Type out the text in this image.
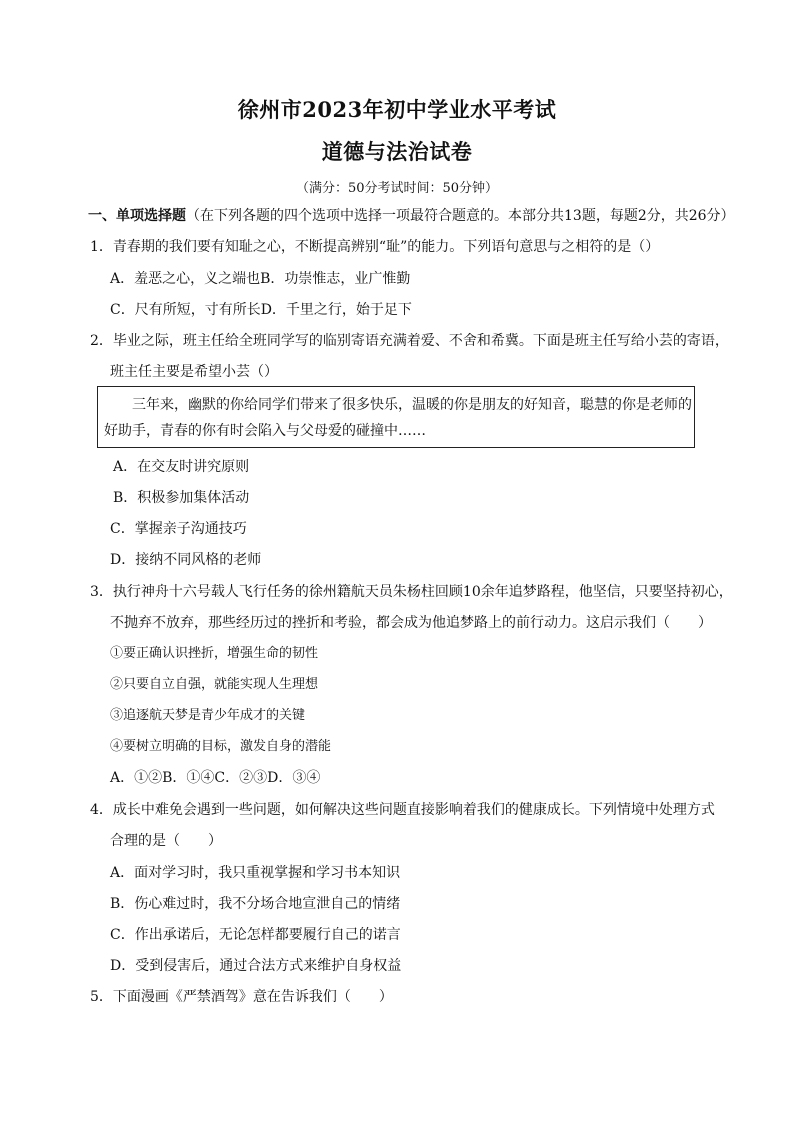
徐州市2023年初中学业水平考试
道德与法治试卷
（满分：50分考试时间：50分钟）
一、单项选择题（在下列各题的四个选项中选择一项最符合题意的。本部分共13题，每题2分，共26分）
1．青春期的我们要有知耻之心，不断提高辨别“耻”的能力。下列语句意思与之相符的是（）
A．羞恶之心，义之端也B．功崇惟志，业广惟勤
C．尺有所短，寸有所长D．千里之行，始于足下
2．毕业之际，班主任给全班同学写的临别寄语充满着爱、不舍和希冀。下面是班主任写给小芸的寄语，
班主任主要是希望小芸（）
三年来，幽默的你给同学们带来了很多快乐，温暖的你是朋友的好知音，聪慧的你是老师的
好助手，青春的你有时会陷入与父母爱的碰撞中……
A．在交友时讲究原则
B．积极参加集体活动
C．掌握亲子沟通技巧
D．接纳不同风格的老师
3．执行神舟十六号载人飞行任务的徐州籍航天员朱杨柱回顾10余年追梦路程，他坚信，只要坚持初心，
不抛弃不放弃，那些经历过的挫折和考验，都会成为他追梦路上的前行动力。这启示我们（　　）
①要正确认识挫折，增强生命的韧性
②只要自立自强，就能实现人生理想
③追逐航天梦是青少年成才的关键
④要树立明确的目标，激发自身的潜能
A．①②B．①④C．②③D．③④
4．成长中难免会遇到一些问题，如何解决这些问题直接影响着我们的健康成长。下列情境中处理方式
合理的是（　　）
A．面对学习时，我只重视掌握和学习书本知识
B．伤心难过时，我不分场合地宣泄自己的情绪
C．作出承诺后，无论怎样都要履行自己的诺言
D．受到侵害后，通过合法方式来维护自身权益
5．下面漫画《严禁酒驾》意在告诉我们（　　）
